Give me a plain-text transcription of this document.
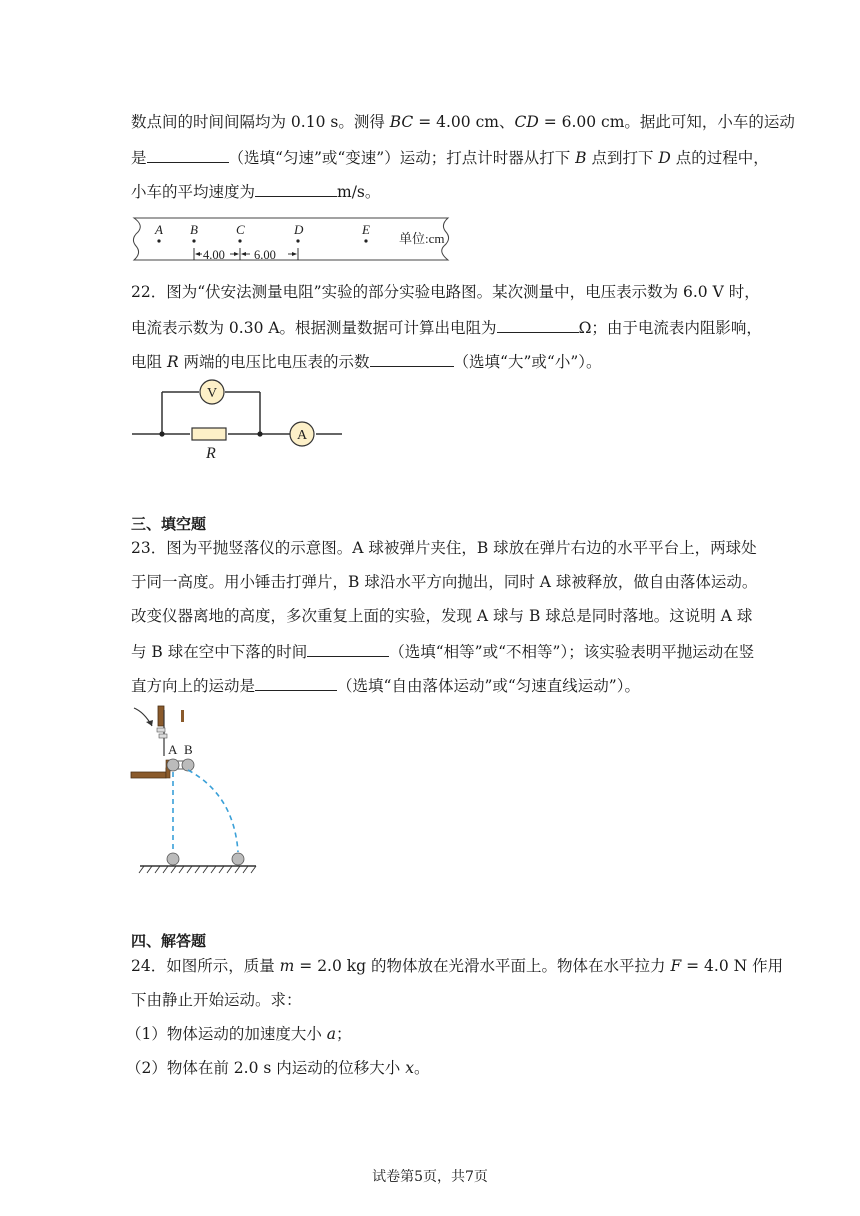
数点间的时间间隔均为 0.10 s。测得 BC = 4.00 cm、CD = 6.00 cm。据此可知，小车的运动
是	（选填“匀速”或“变速”）运动；打点计时器从打下 B 点到打下 D 点的过程中，
小车的平均速度为	m/s。
A B	C	D	E
4.00 6.00
单位:cm
22．图为“伏安法测量电阻”实验的部分实验电路图。某次测量中，电压表示数为 6.0 V 时，
电流表示数为 0.30 A。根据测量数据可计算出电阻为	Ω；由于电流表内阻影响，
电阻 R 两端的电压比电压表的示数	（选填“大”或“小”）。
V
A
R
三、填空题
23．图为平抛竖落仪的示意图。A 球被弹片夹住，B 球放在弹片右边的水平平台上，两球处
于同一高度。用小锤击打弹片，B 球沿水平方向抛出，同时 A 球被释放，做自由落体运动。
改变仪器离地的高度，多次重复上面的实验，发现 A 球与 B 球总是同时落地。这说明 A 球
与 B 球在空中下落的时间	（选填“相等”或“不相等”）；该实验表明平抛运动在竖
直方向上的运动是	（选填“自由落体运动”或“匀速直线运动”）。
A B
四、解答题
24．如图所示，质量 m = 2.0 kg 的物体放在光滑水平面上。物体在水平拉力 F = 4.0 N 作用
下由静止开始运动。求：
（1）物体运动的加速度大小 a；
（2）物体在前 2.0 s 内运动的位移大小 x。
试卷第5页，共7页
